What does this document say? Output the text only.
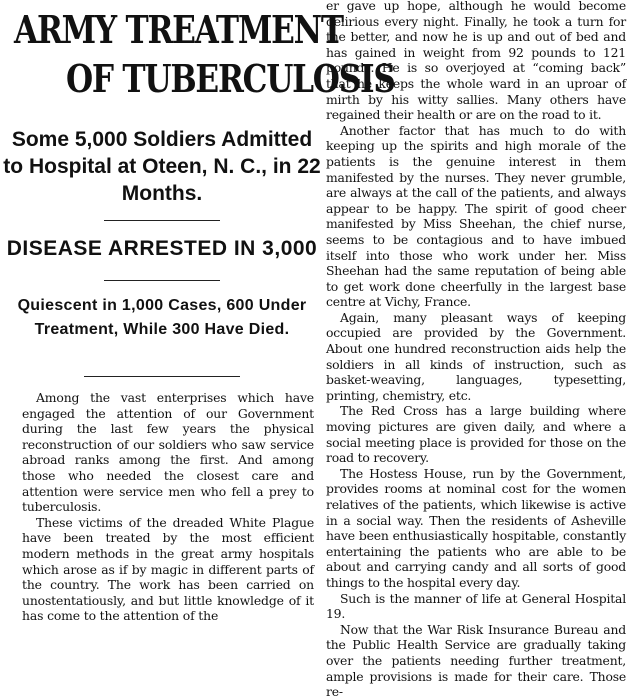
ARMY TREATMENT
OF TUBERCULOSIS
Some 5,000 Soldiers Admitted to Hospital at Oteen, N. C., in 22 Months.
DISEASE ARRESTED IN 3,000
Quiescent in 1,000 Cases, 600 Under Treatment, While 300 Have Died.

Among the vast enterprises which have engaged the attention of our Government during the last few years the physical reconstruction of our soldiers who saw service abroad ranks among the first. And among those who needed the closest care and attention were service men who fell a prey to tuberculosis.

These victims of the dreaded White Plague have been treated by the most efficient modern methods in the great army hospitals which arose as if by magic in different parts of the country. The work has been carried on unostentatiously, and but little knowledge of it has come to the attention of the

er gave up hope, although he would become delirious every night. Finally, he took a turn for the better, and now he is up and out of bed and has gained in weight from 92 pounds to 121 pounds. He is so overjoyed at “coming back” that he keeps the whole ward in an uproar of mirth by his witty sallies. Many others have regained their health or are on the road to it.

Another factor that has much to do with keeping up the spirits and high morale of the patients is the genuine interest in them manifested by the nurses. They never grumble, are always at the call of the patients, and always appear to be happy. The spirit of good cheer manifested by Miss Sheehan, the chief nurse, seems to be contagious and to have imbued itself into those who work under her. Miss Sheehan had the same reputation of being able to get work done cheerfully in the largest base centre at Vichy, France.

Again, many pleasant ways of keeping occupied are provided by the Government. About one hundred reconstruction aids help the soldiers in all kinds of instruction, such as basket-weaving, languages, typesetting, printing, chemistry, etc.

The Red Cross has a large building where moving pictures are given daily, and where a social meeting place is provided for those on the road to recovery.

The Hostess House, run by the Government, provides rooms at nominal cost for the women relatives of the patients, which likewise is active in a social way. Then the residents of Asheville have been enthusiastically hospitable, constantly entertaining the patients who are able to be about and carrying candy and all sorts of good things to the hospital every day.

Such is the manner of life at General Hospital 19.

Now that the War Risk Insurance Bureau and the Public Health Service are gradually taking over the patients needing further treatment, ample provisions is made for their care. Those re-
